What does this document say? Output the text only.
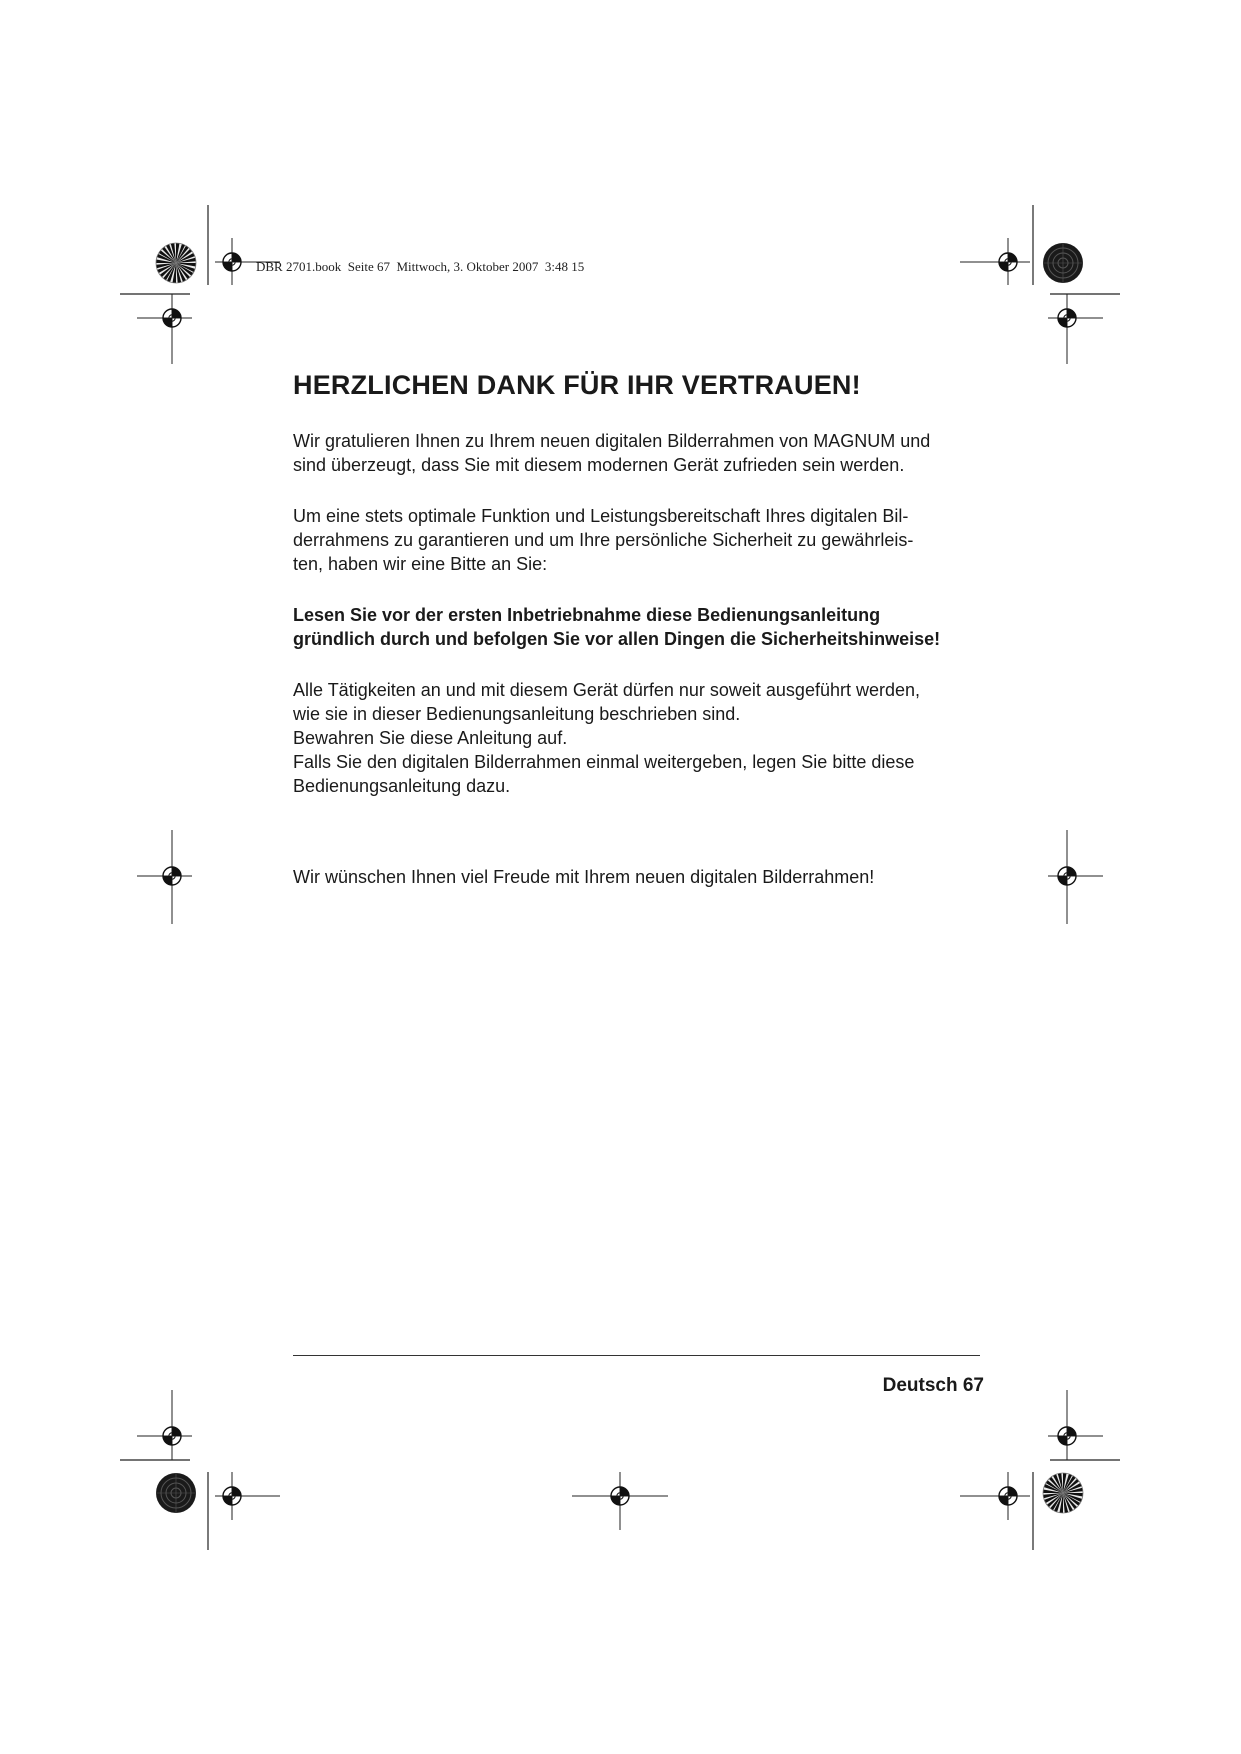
DBR 2701.book  Seite 67  Mittwoch, 3. Oktober 2007  3:48 15
HERZLICHEN DANK FÜR IHR VERTRAUEN!

Wir gratulieren Ihnen zu Ihrem neuen digitalen Bilderrahmen von MAGNUM und
sind überzeugt, dass Sie mit diesem modernen Gerät zufrieden sein werden.

Um eine stets optimale Funktion und Leistungsbereitschaft Ihres digitalen Bil-
derrahmens zu garantieren und um Ihre persönliche Sicherheit zu gewährleis-
ten, haben wir eine Bitte an Sie:

Lesen Sie vor der ersten Inbetriebnahme diese Bedienungsanleitung
gründlich durch und befolgen Sie vor allen Dingen die Sicherheitshinweise!

Alle Tätigkeiten an und mit diesem Gerät dürfen nur soweit ausgeführt werden,
wie sie in dieser Bedienungsanleitung beschrieben sind.
Bewahren Sie diese Anleitung auf.
Falls Sie den digitalen Bilderrahmen einmal weitergeben, legen Sie bitte diese
Bedienungsanleitung dazu.

Wir wünschen Ihnen viel Freude mit Ihrem neuen digitalen Bilderrahmen!

Deutsch 67
